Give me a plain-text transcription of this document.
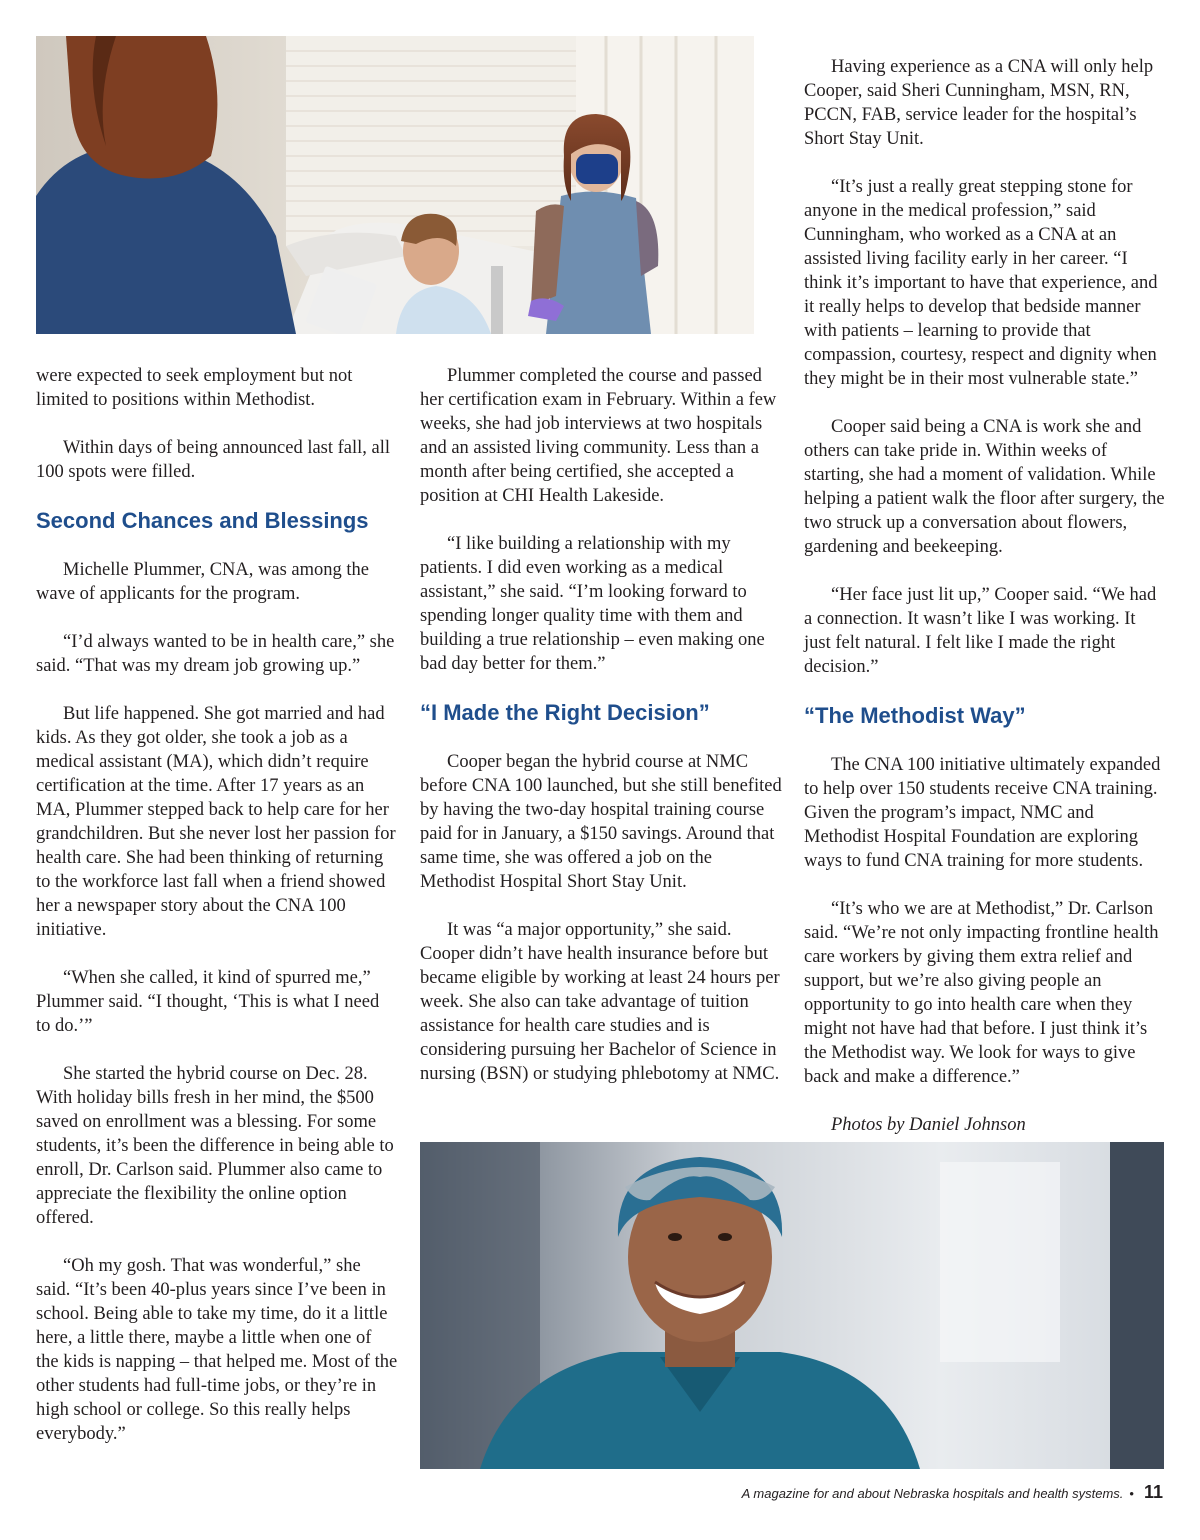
were expected to seek employment but not limited to positions within Methodist.

Within days of being announced last fall, all 100 spots were filled.

Second Chances and Blessings

Michelle Plummer, CNA, was among the wave of applicants for the program.

“I’d always wanted to be in health care,” she said. “That was my dream job growing up.”

But life happened. She got married and had kids. As they got older, she took a job as a medical assistant (MA), which didn’t require certification at the time. After 17 years as an MA, Plummer stepped back to help care for her grandchildren. But she never lost her passion for health care. She had been thinking of returning to the workforce last fall when a friend showed her a newspaper story about the CNA 100 initiative.

“When she called, it kind of spurred me,” Plummer said. “I thought, ‘This is what I need to do.’”

She started the hybrid course on Dec. 28. With holiday bills fresh in her mind, the $500 saved on enrollment was a blessing. For some students, it’s been the difference in being able to enroll, Dr. Carlson said. Plummer also came to appreciate the flexibility the online option offered.

“Oh my gosh. That was wonderful,” she said. “It’s been 40-plus years since I’ve been in school. Being able to take my time, do it a little here, a little there, maybe a little when one of the kids is napping – that helped me. Most of the other students had full-time jobs, or they’re in high school or college. So this really helps everybody.”

Plummer completed the course and passed her certification exam in February. Within a few weeks, she had job interviews at two hospitals and an assisted living community. Less than a month after being certified, she accepted a position at CHI Health Lakeside.

“I like building a relationship with my patients. I did even working as a medical assistant,” she said. “I’m looking forward to spending longer quality time with them and building a true relationship – even making one bad day better for them.”

“I Made the Right Decision”

Cooper began the hybrid course at NMC before CNA 100 launched, but she still benefited by having the two-day hospital training course paid for in January, a $150 savings. Around that same time, she was offered a job on the Methodist Hospital Short Stay Unit.

It was “a major opportunity,” she said. Cooper didn’t have health insurance before but became eligible by working at least 24 hours per week. She also can take advantage of tuition assistance for health care studies and is considering pursuing her Bachelor of Science in nursing (BSN) or studying phlebotomy at NMC.

Having experience as a CNA will only help Cooper, said Sheri Cunningham, MSN, RN, PCCN, FAB, service leader for the hospital’s Short Stay Unit.

“It’s just a really great stepping stone for anyone in the medical profession,” said Cunningham, who worked as a CNA at an assisted living facility early in her career. “I think it’s important to have that experience, and it really helps to develop that bedside manner with patients – learning to provide that compassion, courtesy, respect and dignity when they might be in their most vulnerable state.”

Cooper said being a CNA is work she and others can take pride in. Within weeks of starting, she had a moment of validation. While helping a patient walk the floor after surgery, the two struck up a conversation about flowers, gardening and beekeeping.

“Her face just lit up,” Cooper said. “We had a connection. It wasn’t like I was working. It just felt natural. I felt like I made the right decision.”

“The Methodist Way”

The CNA 100 initiative ultimately expanded to help over 150 students receive CNA training. Given the program’s impact, NMC and Methodist Hospital Foundation are exploring ways to fund CNA training for more students.

“It’s who we are at Methodist,” Dr. Carlson said. “We’re not only impacting frontline health care workers by giving them extra relief and support, but we’re also giving people an opportunity to go into health care when they might not have had that before. I just think it’s the Methodist way. We look for ways to give back and make a difference.”

Photos by Daniel Johnson

A magazine for and about Nebraska hospitals and health systems. • 11
